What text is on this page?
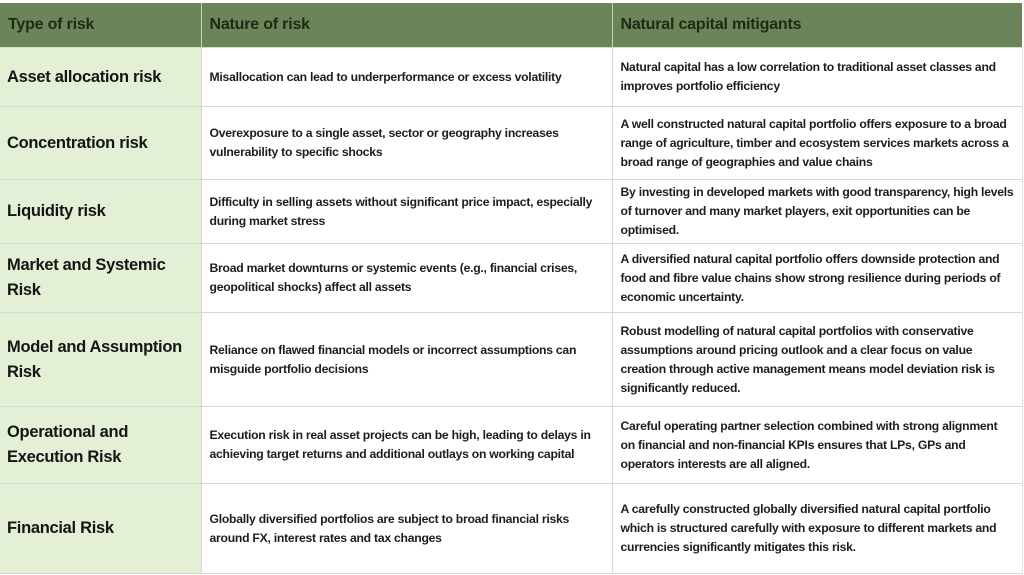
Type of risk	Nature of risk	Natural capital mitigants
Asset allocation risk	Misallocation can lead to underperformance or excess volatility	Natural capital has a low correlation to traditional asset classes and improves portfolio efficiency
Concentration risk	Overexposure to a single asset, sector or geography increases vulnerability to specific shocks	A well constructed natural capital portfolio offers exposure to a broad range of agriculture, timber and ecosystem services markets across a broad range of geographies and value chains
Liquidity risk	Difficulty in selling assets without significant price impact, especially during market stress	By investing in developed markets with good transparency, high levels of turnover and many market players, exit opportunities can be optimised.
Market and Systemic Risk	Broad market downturns or systemic events (e.g., financial crises, geopolitical shocks) affect all assets	A diversified natural capital portfolio offers downside protection and food and fibre value chains show strong resilience during periods of economic uncertainty.
Model and Assumption Risk	Reliance on flawed financial models or incorrect assumptions can misguide portfolio decisions	Robust modelling of natural capital portfolios with conservative assumptions around pricing outlook and a clear focus on value creation through active management means model deviation risk is significantly reduced.
Operational and Execution Risk	Execution risk in real asset projects can be high, leading to delays in achieving target returns and additional outlays on working capital	Careful operating partner selection combined with strong alignment on financial and non-financial KPIs ensures that LPs, GPs and operators interests are all aligned.
Financial Risk	Globally diversified portfolios are subject to broad financial risks around FX, interest rates and tax changes	A carefully constructed globally diversified natural capital portfolio which is structured carefully with exposure to different markets and currencies significantly mitigates this risk.
